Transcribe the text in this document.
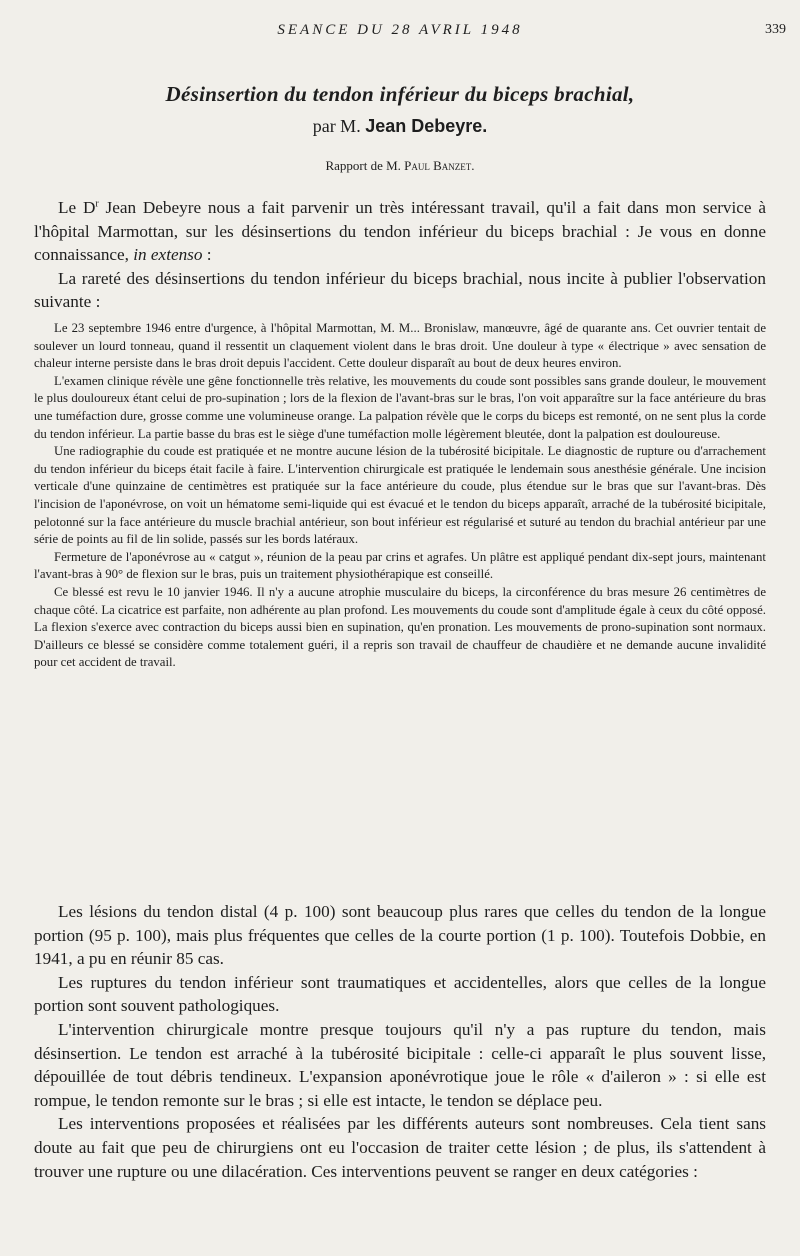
SEANCE DU 28 AVRIL 1948	339
Désinsertion du tendon inférieur du biceps brachial,
par M. Jean Debeyre.
Rapport de M. Paul Banzet.

Le $D^r$ Jean Debeyre nous a fait parvenir un très intéressant travail, qu'il a fait dans mon service à l'hôpital Marmottan, sur les désinsertions du tendon inférieur du biceps brachial : Je vous en donne connaissance, in extenso :

La rareté des désinsertions du tendon inférieur du biceps brachial, nous incite à publier l'observation suivante :

Le 23 septembre 1946 entre d'urgence, à l'hôpital Marmottan, M. M... Bronislaw, manœuvre, âgé de quarante ans. Cet ouvrier tentait de soulever un lourd tonneau, quand il ressentit un claquement violent dans le bras droit. Une douleur à type « électrique » avec sensation de chaleur interne persiste dans le bras droit depuis l'accident. Cette douleur disparaît au bout de deux heures environ.

L'examen clinique révèle une gêne fonctionnelle très relative, les mouvements du coude sont possibles sans grande douleur, le mouvement le plus douloureux étant celui de pro-supination ; lors de la flexion de l'avant-bras sur le bras, l'on voit apparaître sur la face antérieure du bras une tuméfaction dure, grosse comme une volumineuse orange. La palpation révèle que le corps du biceps est remonté, on ne sent plus la corde du tendon inférieur. La partie basse du bras est le siège d'une tuméfaction molle légèrement bleutée, dont la palpation est douloureuse.

Une radiographie du coude est pratiquée et ne montre aucune lésion de la tubérosité bicipitale. Le diagnostic de rupture ou d'arrachement du tendon inférieur du biceps était facile à faire. L'intervention chirurgicale est pratiquée le lendemain sous anesthésie générale. Une incision verticale d'une quinzaine de centimètres est pratiquée sur la face antérieure du coude, plus étendue sur le bras que sur l'avant-bras. Dès l'incision de l'aponévrose, on voit un hématome semi-liquide qui est évacué et le tendon du biceps apparaît, arraché de la tubérosité bicipitale, pelotonné sur la face antérieure du muscle brachial antérieur, son bout inférieur est régularisé et suturé au tendon du brachial antérieur par une série de points au fil de lin solide, passés sur les bords latéraux.

Fermeture de l'aponévrose au « catgut », réunion de la peau par crins et agrafes. Un plâtre est appliqué pendant dix-sept jours, maintenant l'avant-bras à 90° de flexion sur le bras, puis un traitement physiothérapique est conseillé.

Ce blessé est revu le 10 janvier 1946. Il n'y a aucune atrophie musculaire du biceps, la circonférence du bras mesure 26 centimètres de chaque côté. La cicatrice est parfaite, non adhérente au plan profond. Les mouvements du coude sont d'amplitude égale à ceux du côté opposé. La flexion s'exerce avec contraction du biceps aussi bien en supination, qu'en pronation. Les mouvements de prono-supination sont normaux. D'ailleurs ce blessé se considère comme totalement guéri, il a repris son travail de chauffeur de chaudière et ne demande aucune invalidité pour cet accident de travail.

Les lésions du tendon distal (4 p. 100) sont beaucoup plus rares que celles du tendon de la longue portion (95 p. 100), mais plus fréquentes que celles de la courte portion (1 p. 100). Toutefois Dobbie, en 1941, a pu en réunir 85 cas.

Les ruptures du tendon inférieur sont traumatiques et accidentelles, alors que celles de la longue portion sont souvent pathologiques.

L'intervention chirurgicale montre presque toujours qu'il n'y a pas rupture du tendon, mais désinsertion. Le tendon est arraché à la tubérosité bicipitale : celle-ci apparaît le plus souvent lisse, dépouillée de tout débris tendineux. L'expansion aponévrotique joue le rôle « d'aileron » : si elle est rompue, le tendon remonte sur le bras ; si elle est intacte, le tendon se déplace peu.

Les interventions proposées et réalisées par les différents auteurs sont nombreuses. Cela tient sans doute au fait que peu de chirurgiens ont eu l'occasion de traiter cette lésion ; de plus, ils s'attendent à trouver une rupture ou une dilacération. Ces interventions peuvent se ranger en deux catégories :
